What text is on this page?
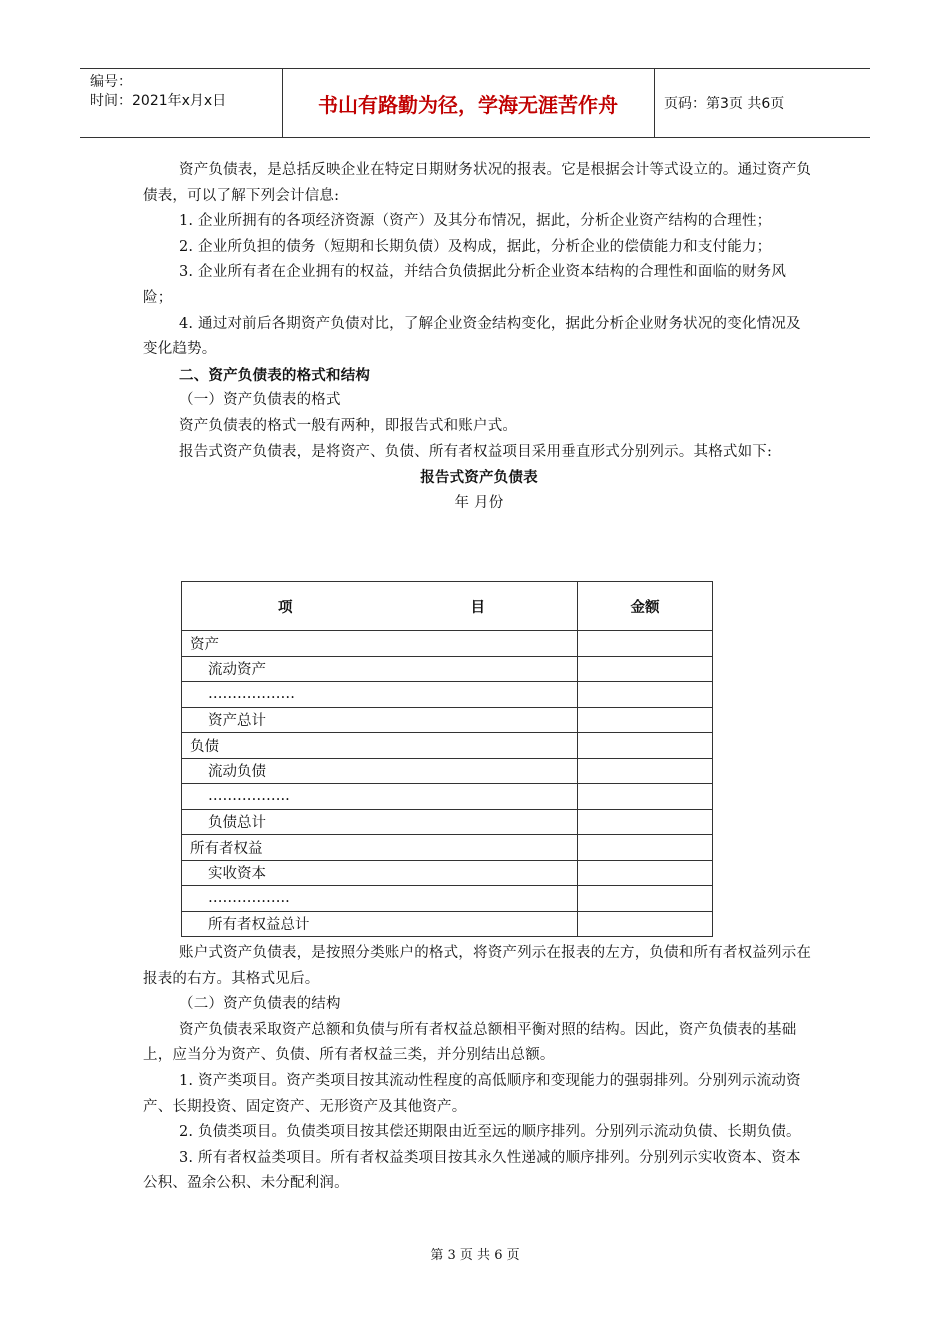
编号：
时间：2021年x月x日	书山有路勤为径，学海无涯苦作舟	页码：第3页 共6页

资产负债表，是总括反映企业在特定日期财务状况的报表。它是根据会计等式设立的。通过资产负债表，可以了解下列会计信息:

1. 企业所拥有的各项经济资源（资产）及其分布情况，据此，分析企业资产结构的合理性；

2. 企业所负担的债务（短期和长期负债）及构成，据此，分析企业的偿债能力和支付能力；

3. 企业所有者在企业拥有的权益，并结合负债据此分析企业资本结构的合理性和面临的财务风险；

4. 通过对前后各期资产负债对比，了解企业资金结构变化，据此分析企业财务状况的变化情况及变化趋势。

二、资产负债表的格式和结构

（一）资产负债表的格式

资产负债表的格式一般有两种，即报告式和账户式。

报告式资产负债表，是将资产、负债、所有者权益项目采用垂直形式分别列示。其格式如下:

报告式资产负债表

年 月份

项 目	金额
资产	
流动资产	
………………	
资产总计	
负债	
流动负债	
……………..	
负债总计	
所有者权益	
实收资本	
……………..	
所有者权益总计	

账户式资产负债表，是按照分类账户的格式，将资产列示在报表的左方，负债和所有者权益列示在报表的右方。其格式见后。

（二）资产负债表的结构

资产负债表采取资产总额和负债与所有者权益总额相平衡对照的结构。因此，资产负债表的基础上，应当分为资产、负债、所有者权益三类，并分别结出总额。

1. 资产类项目。资产类项目按其流动性程度的高低顺序和变现能力的强弱排列。分别列示流动资产、长期投资、固定资产、无形资产及其他资产。

2. 负债类项目。负债类项目按其偿还期限由近至远的顺序排列。分别列示流动负债、长期负债。

3. 所有者权益类项目。所有者权益类项目按其永久性递减的顺序排列。分别列示实收资本、资本公积、盈余公积、未分配利润。

第 3 页 共 6 页
